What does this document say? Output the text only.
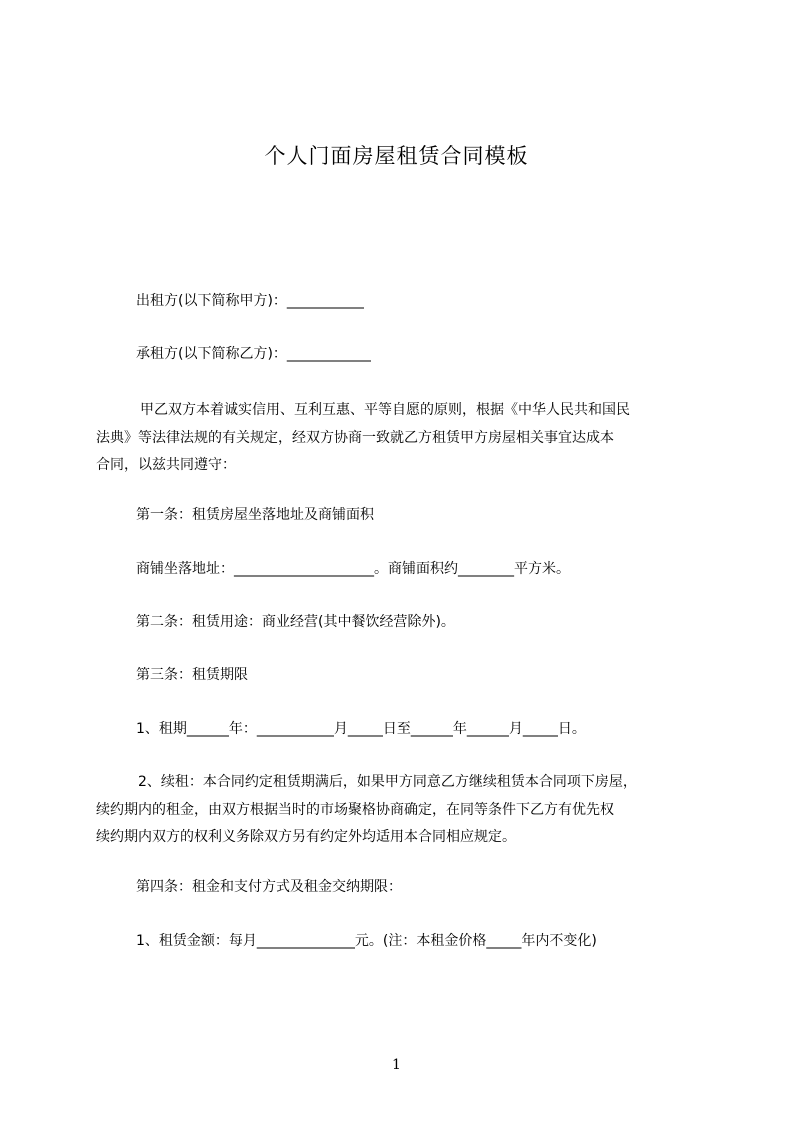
个人门面房屋租赁合同模板
出租方(以下简称甲方)：___________
承租方(以下简称乙方)：____________
甲乙双方本着诚实信用、互利互惠、平等自愿的原则，根据《中华人民共和国民
法典》等法律法规的有关规定，经双方协商一致就乙方租赁甲方房屋相关事宜达成本
合同，以兹共同遵守：
第一条：租赁房屋坐落地址及商铺面积
商铺坐落地址：____________________。商铺面积约________平方米。
第二条：租赁用途：商业经营(其中餐饮经营除外)。
第三条：租赁期限
1、租期______年：___________月_____日至______年______月_____日。
2、续租：本合同约定租赁期满后，如果甲方同意乙方继续租赁本合同项下房屋，
续约期内的租金，由双方根据当时的市场聚格协商确定，在同等条件下乙方有优先权
续约期内双方的权利义务除双方另有约定外均适用本合同相应规定。
第四条：租金和支付方式及租金交纳期限：
1、租赁金额：每月______________元。(注：本租金价格_____年内不变化)
1
